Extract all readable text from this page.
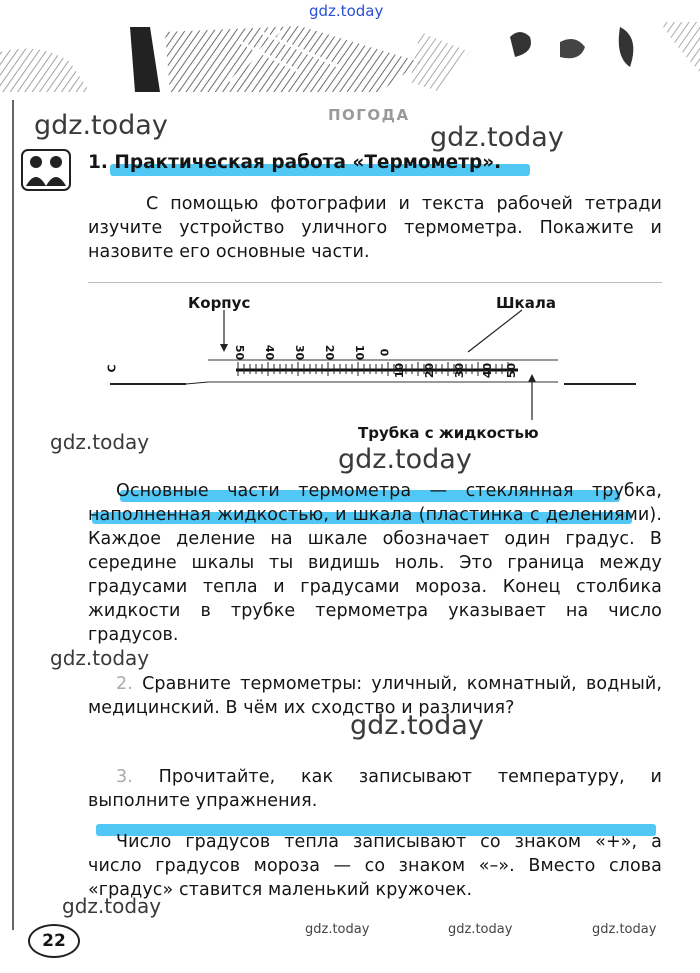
gdz.today
ПОГОДА
gdz.today	gdz.today
gdz.today
gdz.today
gdz.today
gdz.today
gdz.today
1. Практическая работа «Термометр».
С помощью фотографии и текста рабочей тетради изучите устройство уличного термометра. Покажите и назовите его основные части.
Корпус	Шкала
Трубка с жидкостью
C
50 40 30 20 10 0
10 20 30 40 50
Основные части термометра — стеклянная трубка, наполненная жидкостью, и шкала (пластинка с делениями). Каждое деление на шкале обозначает один градус. В середине шкалы ты видишь ноль. Это граница между градусами тепла и градусами мороза. Конец столбика жидкости в трубке термометра указывает на число градусов.
2. Сравните термометры: уличный, комнатный, водный, медицинский. В чём их сходство и различия?
3. Прочитайте, как записывают температуру, и выполните упражнения.
Число градусов тепла записывают со знаком «+», а число градусов мороза — со знаком «–». Вместо слова «градус» ставится маленький кружочек.
22
gdz.today	gdz.today	gdz.today
